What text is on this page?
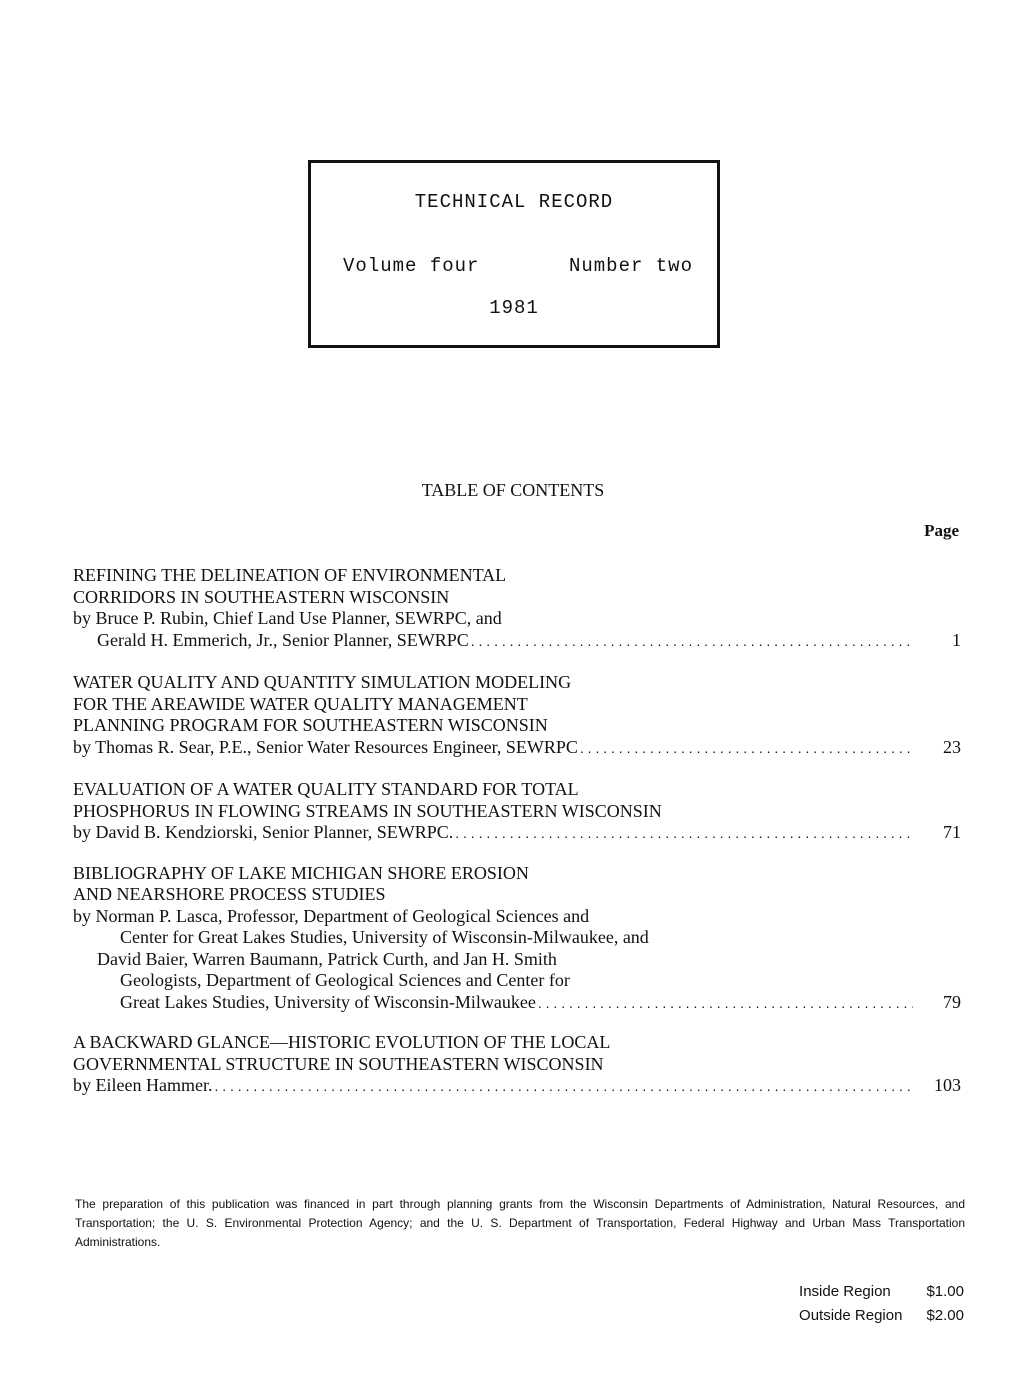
TECHNICAL RECORD
Volume four	Number two
1981
TABLE OF CONTENTS
Page
REFINING THE DELINEATION OF ENVIRONMENTAL
CORRIDORS IN SOUTHEASTERN WISCONSIN
by Bruce P. Rubin, Chief Land Use Planner, SEWRPC, and
Gerald H. Emmerich, Jr., Senior Planner, SEWRPC . . .	1
WATER QUALITY AND QUANTITY SIMULATION MODELING
FOR THE AREAWIDE WATER QUALITY MANAGEMENT
PLANNING PROGRAM FOR SOUTHEASTERN WISCONSIN
by Thomas R. Sear, P.E., Senior Water Resources Engineer, SEWRPC . . .	23
EVALUATION OF A WATER QUALITY STANDARD FOR TOTAL
PHOSPHORUS IN FLOWING STREAMS IN SOUTHEASTERN WISCONSIN
by David B. Kendziorski, Senior Planner, SEWRPC. . . .	71
BIBLIOGRAPHY OF LAKE MICHIGAN SHORE EROSION
AND NEARSHORE PROCESS STUDIES
by Norman P. Lasca, Professor, Department of Geological Sciences and
Center for Great Lakes Studies, University of Wisconsin-Milwaukee, and
David Baier, Warren Baumann, Patrick Curth, and Jan H. Smith
Geologists, Department of Geological Sciences and Center for
Great Lakes Studies, University of Wisconsin-Milwaukee . . .	79
A BACKWARD GLANCE—HISTORIC EVOLUTION OF THE LOCAL
GOVERNMENTAL STRUCTURE IN SOUTHEASTERN WISCONSIN
by Eileen Hammer. . . .	103
The preparation of this publication was financed in part through planning grants from the Wisconsin Departments of Administration, Natural Resources, and Transportation; the U. S. Environmental Protection Agency; and the U. S. Department of Transportation, Federal Highway and Urban Mass Transportation Administrations.
Inside Region	$1.00
Outside Region	$2.00
